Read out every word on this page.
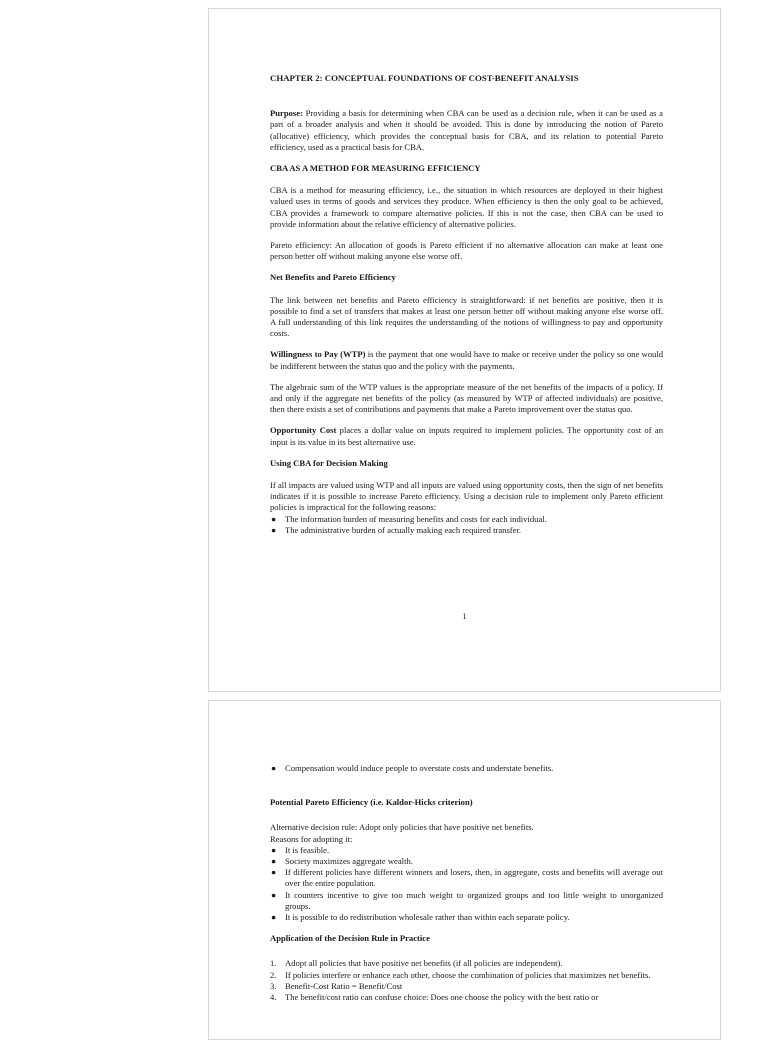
CHAPTER 2: CONCEPTUAL FOUNDATIONS OF COST-BENEFIT ANALYSIS

Purpose: Providing a basis for determining when CBA can be used as a decision rule, when it can be used as a part of a broader analysis and when it should be avoided. This is done by introducing the notion of Pareto (allocative) efficiency, which provides the conceptual basis for CBA, and its relation to potential Pareto efficiency, used as a practical basis for CBA.

CBA AS A METHOD FOR MEASURING EFFICIENCY

CBA is a method for measuring efficiency, i.e., the situation in which resources are deployed in their highest valued uses in terms of goods and services they produce. When efficiency is then the only goal to be achieved, CBA provides a framework to compare alternative policies. If this is not the case, then CBA can be used to provide information about the relative efficiency of alternative policies.

Pareto efficiency: An allocation of goods is Pareto efficient if no alternative allocation can make at least one person better off without making anyone else worse off.

Net Benefits and Pareto Efficiency

The link between net benefits and Pareto efficiency is straightforward: if net benefits are positive, then it is possible to find a set of transfers that makes at least one person better off without making anyone else worse off. A full understanding of this link requires the understanding of the notions of willingness to pay and opportunity costs.

Willingness to Pay (WTP) is the payment that one would have to make or receive under the policy so one would be indifferent between the status quo and the policy with the payments.

The algebraic sum of the WTP values is the appropriate measure of the net benefits of the impacts of a policy. If and only if the aggregate net benefits of the policy (as measured by WTP of affected individuals) are positive, then there exists a set of contributions and payments that make a Pareto improvement over the status quo.

Opportunity Cost places a dollar value on inputs required to implement policies. The opportunity cost of an input is its value in its best alternative use.

Using CBA for Decision Making

If all impacts are valued using WTP and all inputs are valued using opportunity costs, then the sign of net benefits indicates if it is possible to increase Pareto efficiency. Using a decision rule to implement only Pareto efficient policies is impractical for the following reasons:

● The information burden of measuring benefits and costs for each individual.
● The administrative burden of actually making each required transfer.
1
● Compensation would induce people to overstate costs and understate benefits.
Potential Pareto Efficiency (i.e. Kaldor-Hicks criterion)

Alternative decision rule: Adopt only policies that have positive net benefits.

Reasons for adopting it:

● It is feasible.
● Society maximizes aggregate wealth.
● If different policies have different winners and losers, then, in aggregate, costs and benefits will average out over the entire population.
● It counters incentive to give too much weight to organized groups and too little weight to unorganized groups.
● It is possible to do redistribution wholesale rather than within each separate policy.
Application of the Decision Rule in Practice
1. Adopt all policies that have positive net benefits (if all policies are independent).
2. If policies interfere or enhance each other, choose the combination of policies that maximizes net benefits.
3. Benefit-Cost Ratio = Benefit/Cost
4. The benefit/cost ratio can confuse choice: Does one choose the policy with the best ratio or
